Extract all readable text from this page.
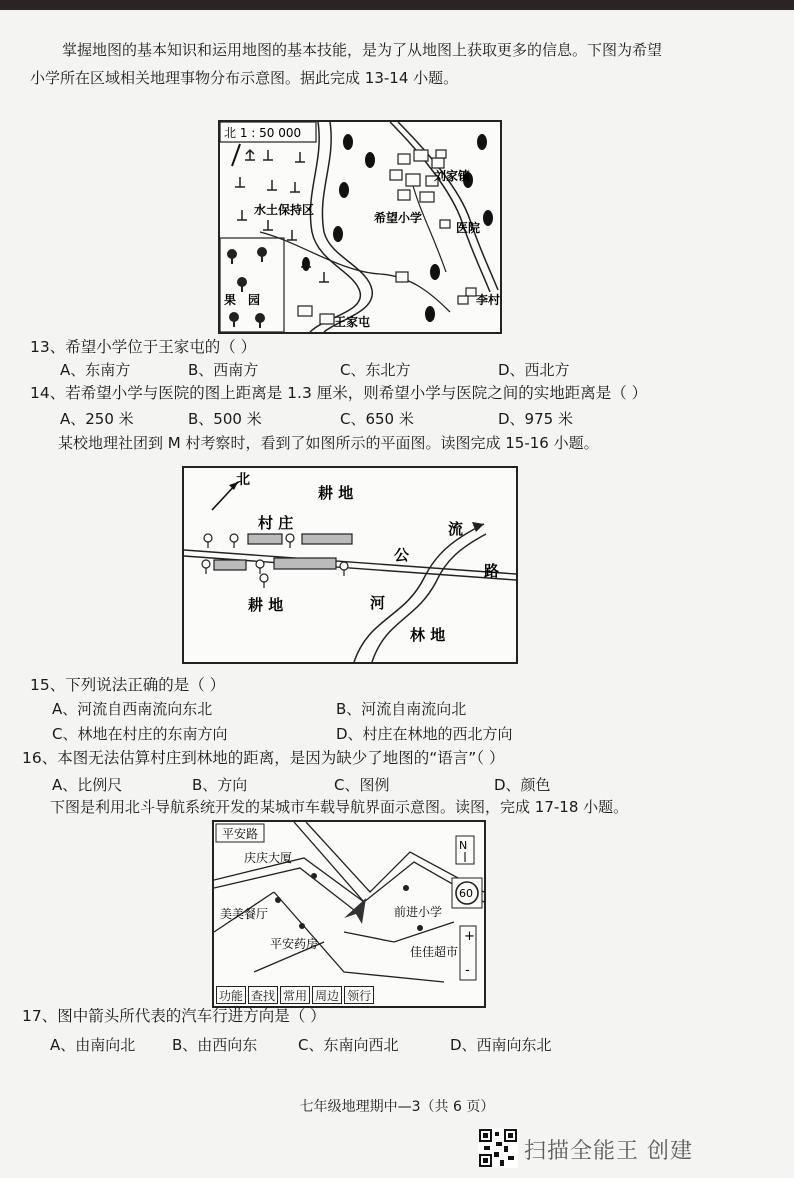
掌握地图的基本知识和运用地图的基本技能，是为了从地图上获取更多的信息。下图为希望
小学所在区域相关地理事物分布示意图。据此完成 13-14 小题。
北 1 : 50 000
刘家镇
希望小学
医院
水土保持区
果 园	李村
王家屯
13、希望小学位于王家屯的（ ）
A、东南方	B、西南方	C、东北方	D、西北方
14、若希望小学与医院的图上距离是 1.3 厘米，则希望小学与医院之间的实地距离是（ ）
A、250 米	B、500 米	C、650 米	D、975 米
某校地理社团到 M 村考察时，看到了如图所示的平面图。读图完成 15-16 小题。
北
耕 地
村 庄
公
路
流
河
耕 地
林 地
15、下列说法正确的是（ ）
A、河流自西南流向东北	B、河流自南流向北
C、林地在村庄的东南方向	D、村庄在林地的西北方向
16、本图无法估算村庄到林地的距离，是因为缺少了地图的“语言”（ ）
A、比例尺	B、方向	C、图例	D、颜色
下图是利用北斗导航系统开发的某城市车载导航界面示意图。读图，完成 17-18 小题。
平安路
庆庆大厦
美美餐厅
平安药房
前进小学
佳佳超市
N
60
+
-
功能 查找 常用 周边 领行
17、图中箭头所代表的汽车行进方向是（ ）
A、由南向北 B、由西向东	C、东南向西北	D、西南向东北
七年级地理期中—3（共 6 页）
扫描全能王 创建
